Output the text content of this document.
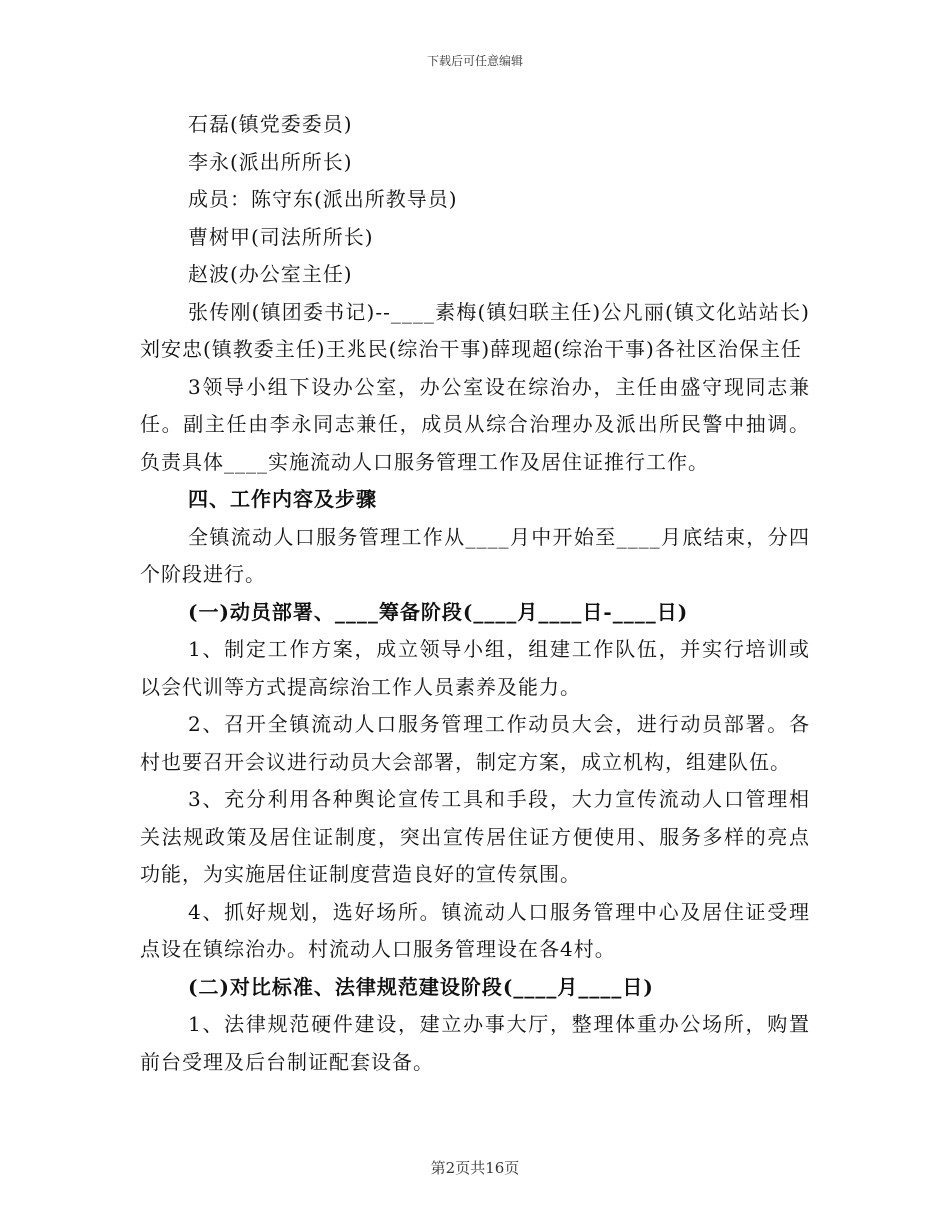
下载后可任意编辑

石磊(镇党委委员)

李永(派出所所长)

成员：陈守东(派出所教导员)

曹树甲(司法所所长)

赵波(办公室主任)

张传刚(镇团委书记)--____素梅(镇妇联主任)公凡丽(镇文化站站长)刘安忠(镇教委主任)王兆民(综治干事)薛现超(综治干事)各社区治保主任

3领导小组下设办公室，办公室设在综治办，主任由盛守现同志兼任。副主任由李永同志兼任，成员从综合治理办及派出所民警中抽调。负责具体____实施流动人口服务管理工作及居住证推行工作。

四、工作内容及步骤

全镇流动人口服务管理工作从____月中开始至____月底结束，分四个阶段进行。

(一)动员部署、____筹备阶段(____月____日-____日)

1、制定工作方案，成立领导小组，组建工作队伍，并实行培训或以会代训等方式提高综治工作人员素养及能力。

2、召开全镇流动人口服务管理工作动员大会，进行动员部署。各村也要召开会议进行动员大会部署，制定方案，成立机构，组建队伍。

3、充分利用各种舆论宣传工具和手段，大力宣传流动人口管理相关法规政策及居住证制度，突出宣传居住证方便使用、服务多样的亮点功能，为实施居住证制度营造良好的宣传氛围。

4、抓好规划，选好场所。镇流动人口服务管理中心及居住证受理点设在镇综治办。村流动人口服务管理设在各4村。

(二)对比标准、法律规范建设阶段(____月____日)

1、法律规范硬件建设，建立办事大厅，整理体重办公场所，购置前台受理及后台制证配套设备。

第2页共16页
